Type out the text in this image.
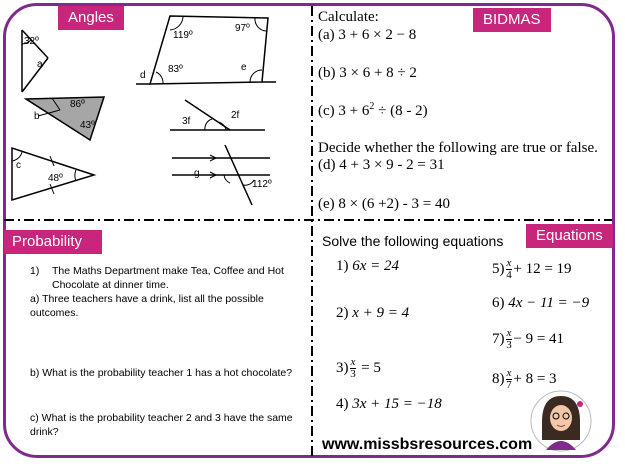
Angles	BIDMAS
Probability	Equations
32º
a
119º
97º
d
83º	e
b
86º
43º	3f
2f
c
48º	g
112º
Calculate:
(a) 3 + 6 × 2 − 8
(b) 3 × 6 + 8 ÷ 2
(c) $3 + 6^2 \div (8 - 2)$
Decide whether the following are true or false.
(d) 4 + 3 × 9 - 2 = 31
(e) 8 × (6 +2) - 3 = 40
1) The Maths Department make Tea, Coffee and Hot Chocolate at dinner time.
a) Three teachers have a drink, list all the possible outcomes.
b) What is the probability teacher 1 has a hot chocolate?
c) What is the probability teacher 2 and 3 have the same drink?
Solve the following equations
1) 6x = 24
2) x + 9 = 4
$3) \frac{x}{3} = 5$
4) 3x + 15 = −18
$5) \frac{x}{4} + 12 = 19$
6) 4x − 11 = −9
$7) \frac{x}{3} - 9 = 41$
$8) \frac{x}{7} + 8 = 3$
www.missbsresources.com
